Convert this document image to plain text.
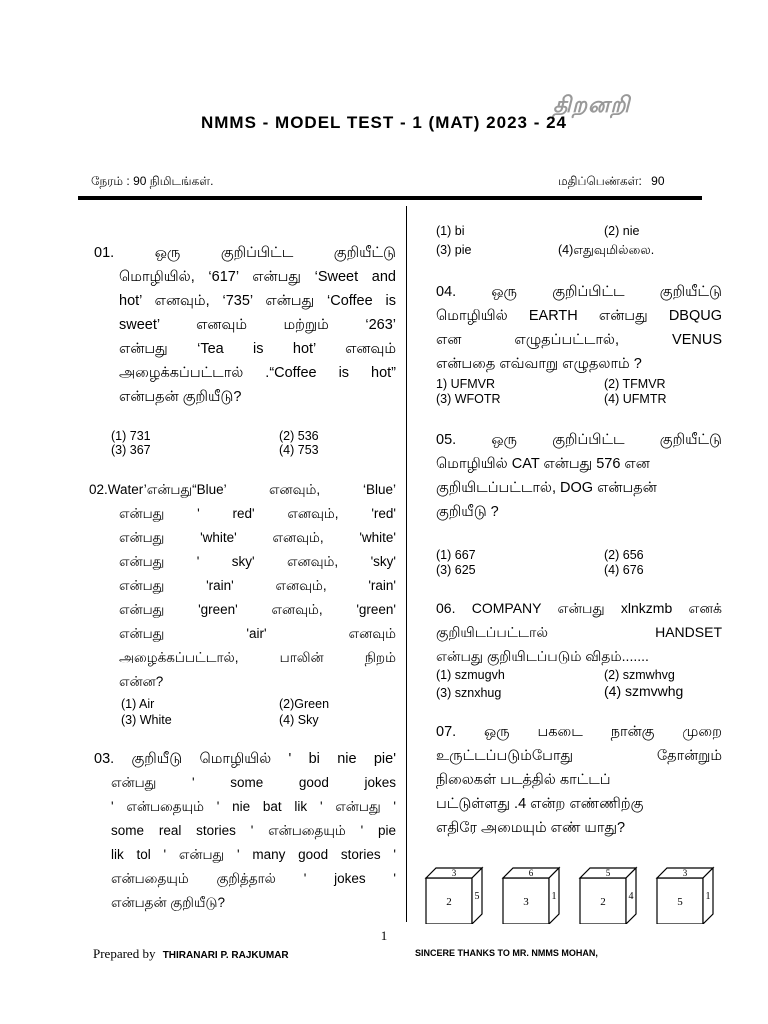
திறனறி
NMMS - MODEL TEST - 1 (MAT) 2023 - 24
நேரம் : 90 நிமிடங்கள்.	மதிப்பெண்கள்: 90
01. ஒரு குறிப்பிட்ட குறியீட்டு
மொழியில், ‘617’ என்பது ‘Sweet and
hot’ எனவும், ‘735’ என்பது ‘Coffee is
sweet’ எனவும் மற்றும் ‘263’
என்பது ‘Tea is hot’ எனவும்
அழைக்கப்பட்டால் .“Coffee is hot”
என்பதன் குறியீடு?
(1) 731	(2) 536
(3) 367	(4) 753
02.Water’என்பது“Blue’ எனவும், ‘Blue’
என்பது ' red' எனவும், 'red'
என்பது 'white' எனவும், 'white'
என்பது ' sky' எனவும், 'sky'
என்பது 'rain' எனவும், 'rain'
என்பது 'green' எனவும், 'green'
என்பது 'air' எனவும்
அழைக்கப்பட்டால், பாலின் நிறம்
என்ன?
(1) Air	(2)Green
(3) White	(4) Sky
03. குறியீடு மொழியில் ' bi nie pie'
என்பது ' some good jokes
' என்பதையும் ' nie bat lik ' என்பது '
some real stories ' என்பதையும் ' pie
lik tol ' என்பது ' many good stories '
என்பதையும் குறித்தால் ' jokes '
என்பதன் குறியீடு?
(1) bi	(2) nie
(3) pie	(4)எதுவுமில்லை.
04. ஒரு குறிப்பிட்ட குறியீட்டு
மொழியில் EARTH என்பது DBQUG
என எழுதப்பட்டால், VENUS
என்பதை எவ்வாறு எழுதலாம் ?
1) UFMVR	(2) TFMVR
(3) WFOTR	(4) UFMTR
05. ஒரு குறிப்பிட்ட குறியீட்டு
மொழியில் CAT என்பது 576 என
குறியிடப்பட்டால், DOG என்பதன்
குறியீடு ?
(1) 667	(2) 656
(3) 625	(4) 676
06. COMPANY என்பது xlnkzmb எனக்
குறியிடப்பட்டால் HANDSET
என்பது குறியிடப்படும் விதம்.......
(1) szmugvh	(2) szmwhvg
(3) sznxhug	(4) szmvwhg
07. ஒரு பகடை நான்கு முறை
உருட்டப்படும்போது தோன்றும்
நிலைகள் படத்தில் காட்டப்
பட்டுள்ளது .4 என்ற எண்ணிற்கு
எதிரே அமையும் எண் யாது?
3
2 5
6
3 1
5
2 4
3
5 1
1
Prepared by THIRANARI P. RAJKUMAR	SINCERE THANKS TO MR. NMMS MOHAN,
